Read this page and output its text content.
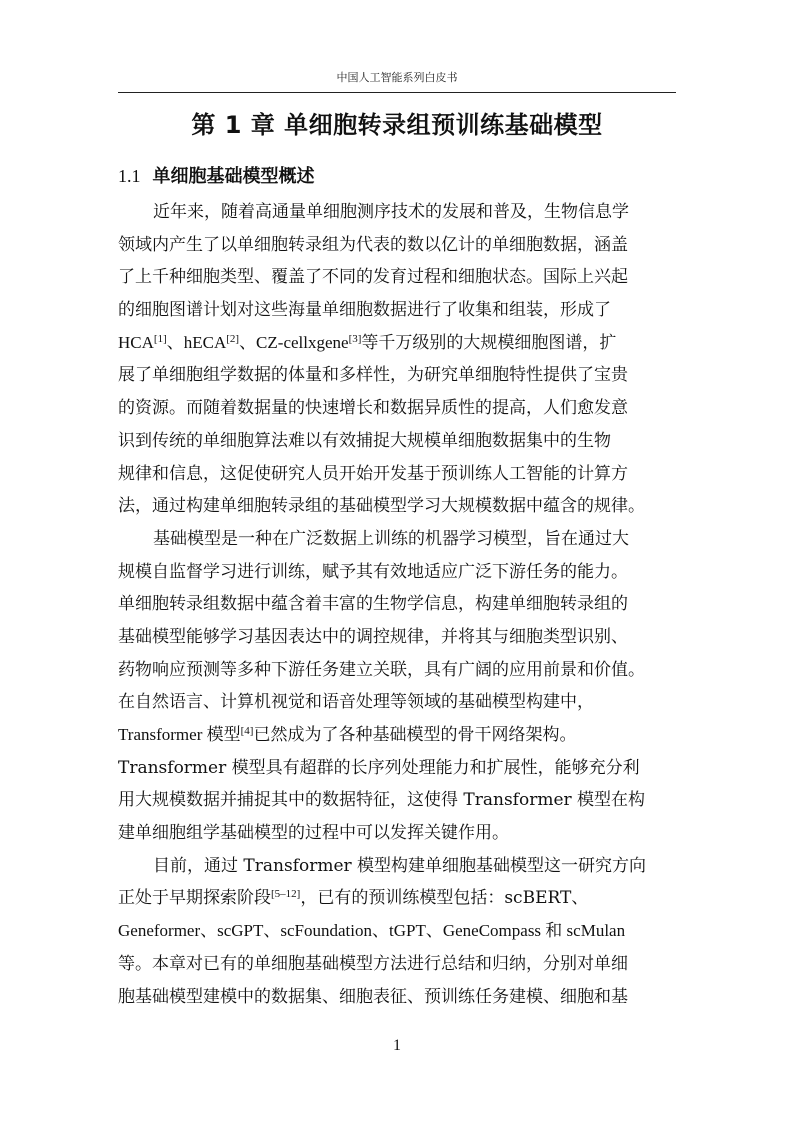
中国人工智能系列白皮书
第 1 章 单细胞转录组预训练基础模型
1.1 单细胞基础模型概述
近年来，随着高通量单细胞测序技术的发展和普及，生物信息学
领域内产生了以单细胞转录组为代表的数以亿计的单细胞数据，涵盖
了上千种细胞类型、覆盖了不同的发育过程和细胞状态。国际上兴起
的细胞图谱计划对这些海量单细胞数据进行了收集和组装，形成了
HCA[1]、hECA[2]、CZ-cellxgene[3]等千万级别的大规模细胞图谱，扩
展了单细胞组学数据的体量和多样性，为研究单细胞特性提供了宝贵
的资源。而随着数据量的快速增长和数据异质性的提高，人们愈发意
识到传统的单细胞算法难以有效捕捉大规模单细胞数据集中的生物
规律和信息，这促使研究人员开始开发基于预训练人工智能的计算方
法，通过构建单细胞转录组的基础模型学习大规模数据中蕴含的规律。
基础模型是一种在广泛数据上训练的机器学习模型，旨在通过大
规模自监督学习进行训练，赋予其有效地适应广泛下游任务的能力。
单细胞转录组数据中蕴含着丰富的生物学信息，构建单细胞转录组的
基础模型能够学习基因表达中的调控规律，并将其与细胞类型识别、
药物响应预测等多种下游任务建立关联，具有广阔的应用前景和价值。
在自然语言、计算机视觉和语音处理等领域的基础模型构建中，
Transformer 模型[4]已然成为了各种基础模型的骨干网络架构。
Transformer 模型具有超群的长序列处理能力和扩展性，能够充分利
用大规模数据并捕捉其中的数据特征，这使得 Transformer 模型在构
建单细胞组学基础模型的过程中可以发挥关键作用。
目前，通过 Transformer 模型构建单细胞基础模型这一研究方向
正处于早期探索阶段[5–12]，已有的预训练模型包括：scBERT、
Geneformer、scGPT、scFoundation、tGPT、GeneCompass 和 scMulan
等。本章对已有的单细胞基础模型方法进行总结和归纳，分别对单细
胞基础模型建模中的数据集、细胞表征、预训练任务建模、细胞和基
1
